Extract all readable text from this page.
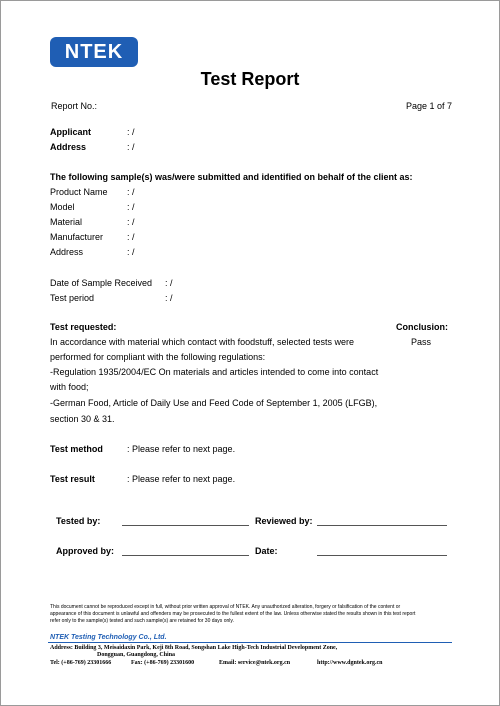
NTEK
Test Report
Report No.:	Page 1 of 7
Applicant	: /
Address	: /
The following sample(s) was/were submitted and identified on behalf of the client as:
Product Name : /
Model	: /
Material	: /
Manufacturer	: /
Address	: /
Date of Sample Received : /
Test period	: /
Test requested:	Conclusion:
Pass
In accordance with material which contact with foodstuff, selected tests were
performed for compliant with the following regulations:
-Regulation 1935/2004/EC On materials and articles intended to come into contact
with food;
-German Food, Article of Daily Use and Feed Code of September 1, 2005 (LFGB),
section 30 & 31.
Test method	: Please refer to next page.
Test result	: Please refer to next page.
Tested by:	Reviewed by:
Approved by:	Date:
This document cannot be reproduced except in full, without prior written approval of NTEK. Any unauthorized alteration, forgery or falsification of the content or
appearance of this document is unlawful and offenders may be prosecuted to the fullest extent of the law. Unless otherwise stated the results shown in this test report
refer only to the sample(s) tested and such sample(s) are retained for 30 days only.
NTEK Testing Technology Co., Ltd.
Address: Building 3, Meisaidaxin Park, Keji 8th Road, Songshan Lake High-Tech Industrial Development Zone,
Dongguan, Guangdong, China
Tel: (+86-769) 23301666	Fax: (+86-769) 23301600	Email: service@ntek.org.cn	http://www.dgntek.org.cn
